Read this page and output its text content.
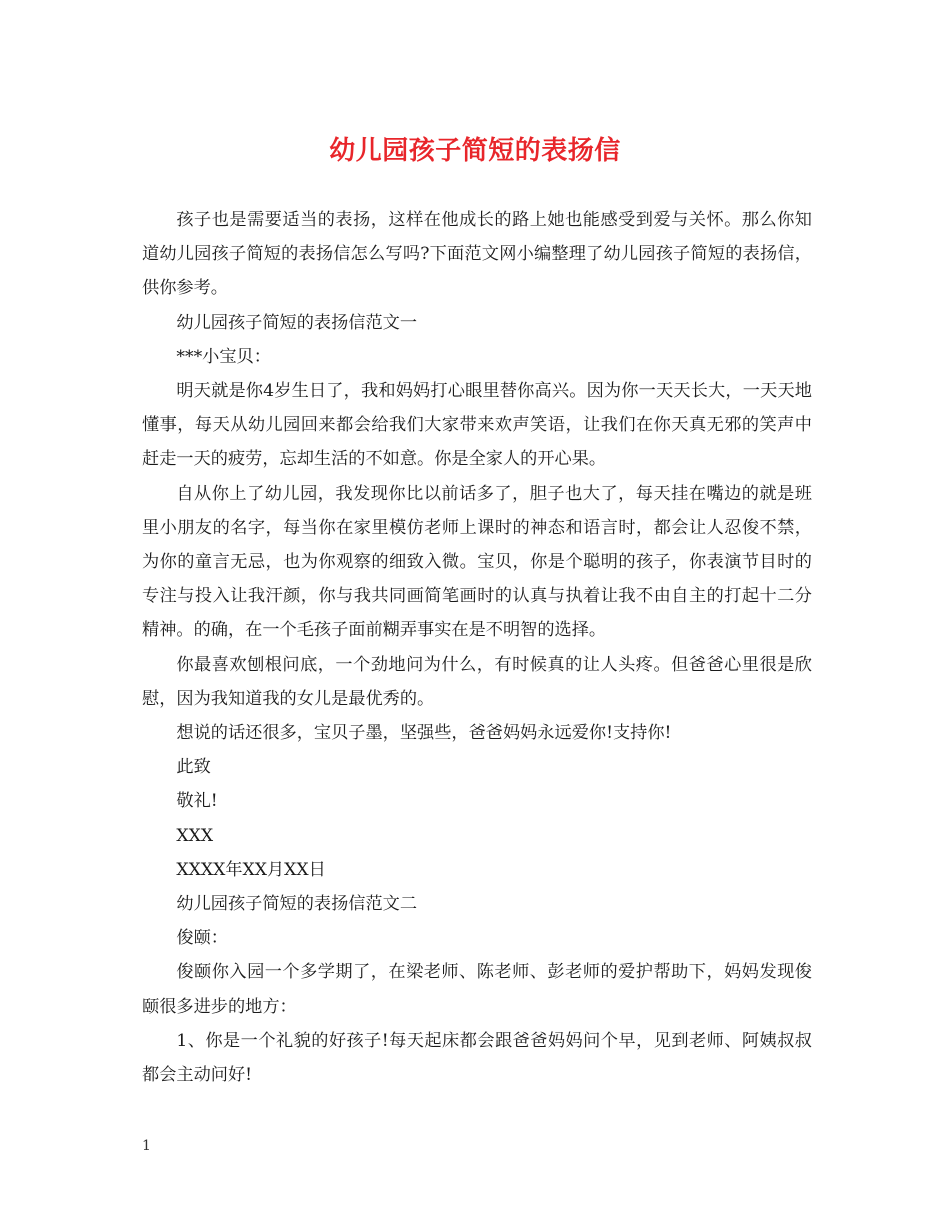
幼儿园孩子简短的表扬信

孩子也是需要适当的表扬，这样在他成长的路上她也能感受到爱与关怀。那么你知道幼儿园孩子简短的表扬信怎么写吗?下面范文网小编整理了幼儿园孩子简短的表扬信，供你参考。

幼儿园孩子简短的表扬信范文一

***小宝贝：

明天就是你4岁生日了，我和妈妈打心眼里替你高兴。因为你一天天长大，一天天地懂事，每天从幼儿园回来都会给我们大家带来欢声笑语，让我们在你天真无邪的笑声中赶走一天的疲劳，忘却生活的不如意。你是全家人的开心果。

自从你上了幼儿园，我发现你比以前话多了，胆子也大了，每天挂在嘴边的就是班里小朋友的名字，每当你在家里模仿老师上课时的神态和语言时，都会让人忍俊不禁，为你的童言无忌，也为你观察的细致入微。宝贝，你是个聪明的孩子，你表演节目时的专注与投入让我汗颜，你与我共同画简笔画时的认真与执着让我不由自主的打起十二分精神。的确，在一个毛孩子面前糊弄事实在是不明智的选择。

你最喜欢刨根问底，一个劲地问为什么，有时候真的让人头疼。但爸爸心里很是欣慰，因为我知道我的女儿是最优秀的。

想说的话还很多，宝贝子墨，坚强些，爸爸妈妈永远爱你!支持你!

此致

敬礼!

XXX

XXXX年XX月XX日

幼儿园孩子简短的表扬信范文二

俊颐：

俊颐你入园一个多学期了，在梁老师、陈老师、彭老师的爱护帮助下，妈妈发现俊颐很多进步的地方：

1、你是一个礼貌的好孩子!每天起床都会跟爸爸妈妈问个早，见到老师、阿姨叔叔都会主动问好!

1
